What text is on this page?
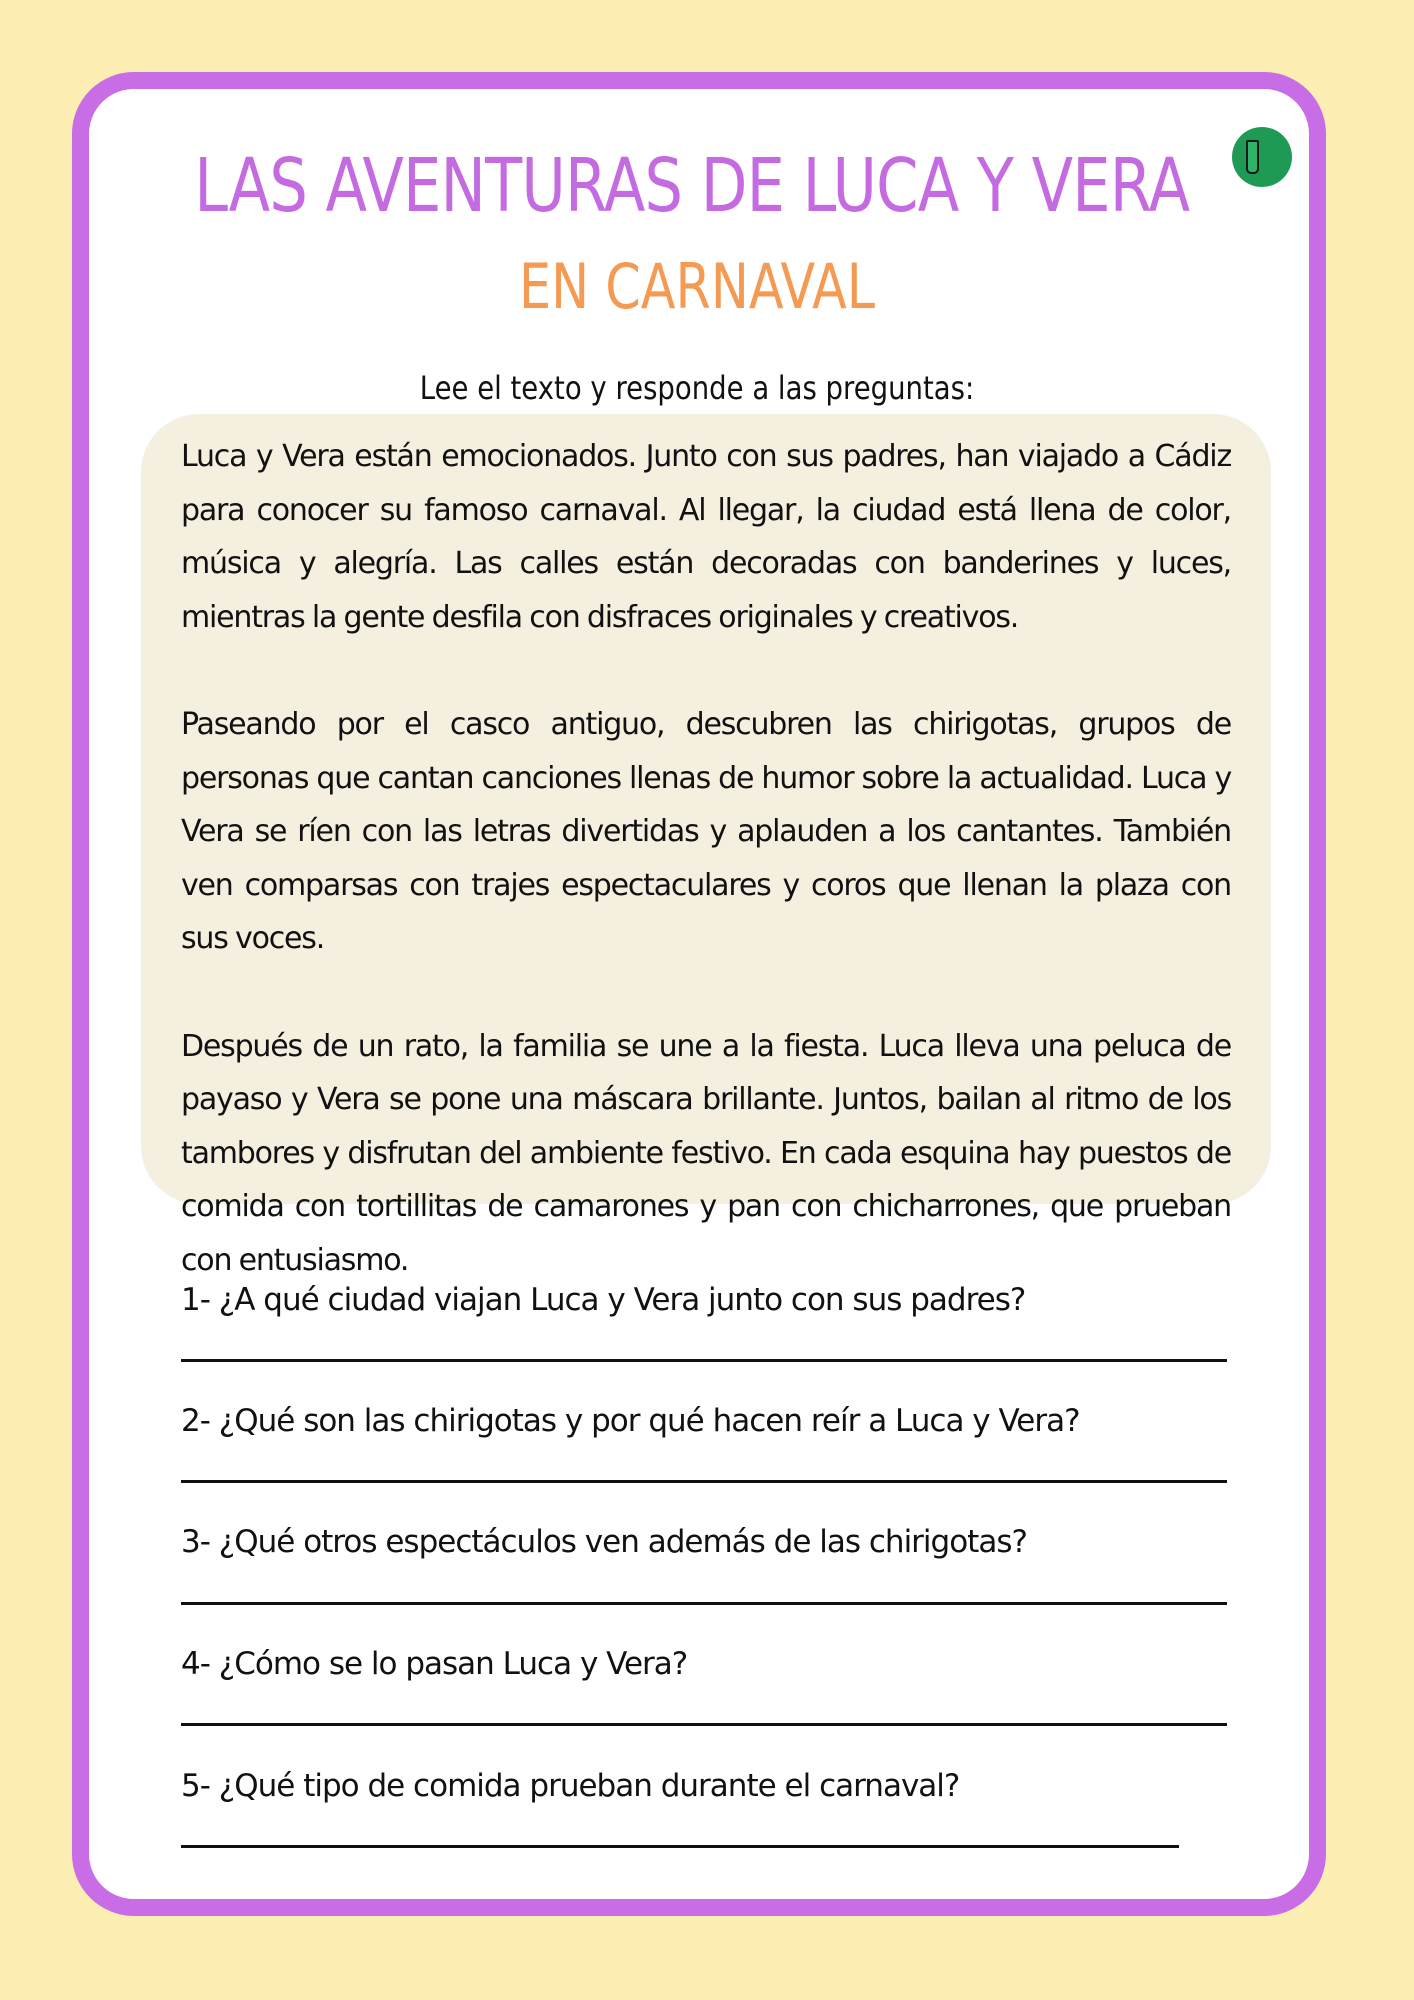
LAS AVENTURAS DE LUCA Y VERA
EN CARNAVAL
Lee el texto y responde a las preguntas:

Luca y Vera están emocionados. Junto con sus padres, han viajado a Cádiz para conocer su famoso carnaval. Al llegar, la ciudad está llena de color, música y alegría. Las calles están decoradas con banderines y luces, mientras la gente desfila con disfraces originales y creativos.

Paseando por el casco antiguo, descubren las chirigotas, grupos de personas que cantan canciones llenas de humor sobre la actualidad. Luca y Vera se ríen con las letras divertidas y aplauden a los cantantes. También ven comparsas con trajes espectaculares y coros que llenan la plaza con sus voces.

Después de un rato, la familia se une a la fiesta. Luca lleva una peluca de payaso y Vera se pone una máscara brillante. Juntos, bailan al ritmo de los tambores y disfrutan del ambiente festivo. En cada esquina hay puestos de comida con tortillitas de camarones y pan con chicharrones, que prueban con entusiasmo.

1- ¿A qué ciudad viajan Luca y Vera junto con sus padres?
2- ¿Qué son las chirigotas y por qué hacen reír a Luca y Vera?
3- ¿Qué otros espectáculos ven además de las chirigotas?
4- ¿Cómo se lo pasan Luca y Vera?
5- ¿Qué tipo de comida prueban durante el carnaval?
